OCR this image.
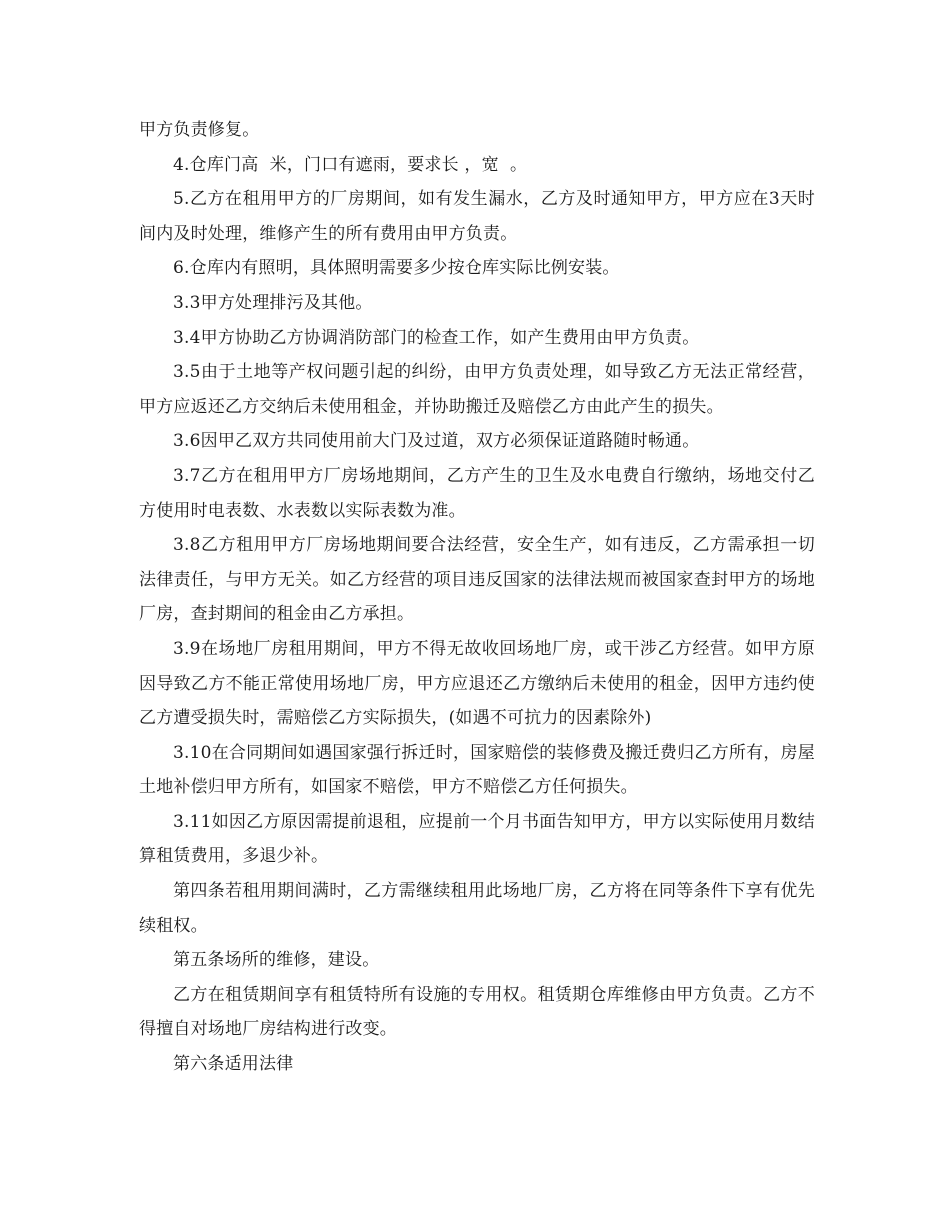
甲方负责修复。

4.仓库门高  米，门口有遮雨，要求长 ，宽  。

5.乙方在租用甲方的厂房期间，如有发生漏水，乙方及时通知甲方，甲方应在3天时间内及时处理，维修产生的所有费用由甲方负责。

6.仓库内有照明，具体照明需要多少按仓库实际比例安装。

3.3甲方处理排污及其他。

3.4甲方协助乙方协调消防部门的检查工作，如产生费用由甲方负责。

3.5由于土地等产权问题引起的纠纷，由甲方负责处理，如导致乙方无法正常经营，甲方应返还乙方交纳后未使用租金，并协助搬迁及赔偿乙方由此产生的损失。

3.6因甲乙双方共同使用前大门及过道，双方必须保证道路随时畅通。

3.7乙方在租用甲方厂房场地期间，乙方产生的卫生及水电费自行缴纳，场地交付乙方使用时电表数、水表数以实际表数为准。

3.8乙方租用甲方厂房场地期间要合法经营，安全生产，如有违反，乙方需承担一切法律责任，与甲方无关。如乙方经营的项目违反国家的法律法规而被国家查封甲方的场地厂房，查封期间的租金由乙方承担。

3.9在场地厂房租用期间，甲方不得无故收回场地厂房，或干涉乙方经营。如甲方原因导致乙方不能正常使用场地厂房，甲方应退还乙方缴纳后未使用的租金，因甲方违约使乙方遭受损失时，需赔偿乙方实际损失，(如遇不可抗力的因素除外)

3.10在合同期间如遇国家强行拆迁时，国家赔偿的装修费及搬迁费归乙方所有，房屋土地补偿归甲方所有，如国家不赔偿，甲方不赔偿乙方任何损失。

3.11如因乙方原因需提前退租，应提前一个月书面告知甲方，甲方以实际使用月数结算租赁费用，多退少补。

第四条若租用期间满时，乙方需继续租用此场地厂房，乙方将在同等条件下享有优先续租权。

第五条场所的维修，建设。

乙方在租赁期间享有租赁特所有设施的专用权。租赁期仓库维修由甲方负责。乙方不得擅自对场地厂房结构进行改变。

第六条适用法律
